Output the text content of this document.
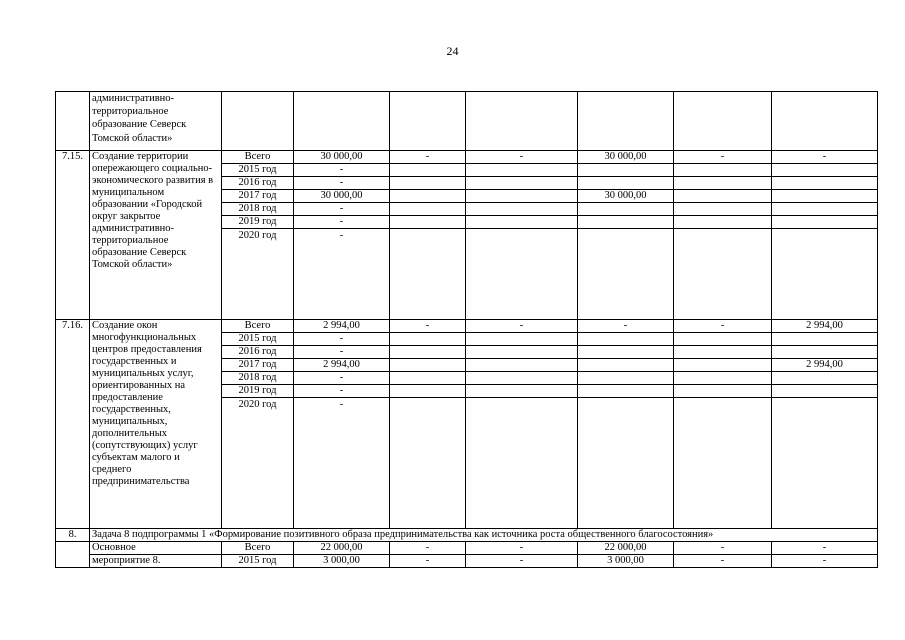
24
	административно-территориальное образование Северск Томской области»							
7.15.	Создание территории опережающего социально-экономического развития в муниципальном образовании «Городской округ закрытое административно-территориальное образование Северск Томской области»	Всего	30 000,00	-	-	30 000,00	-	-
		2015 год	-					
		2016 год	-					
		2017 год	30 000,00			30 000,00		
		2018 год	-					
		2019 год	-					
		2020 год	-					
7.16.	Создание окон многофункциональных центров предоставления государственных и муниципальных услуг, ориентированных на предоставление государственных, муниципальных, дополнительных (сопутствующих) услуг субъектам малого и среднего предпринимательства	Всего	2 994,00	-	-	-	-	2 994,00
		2015 год	-					
		2016 год	-					
		2017 год	2 994,00					2 994,00
		2018 год	-					
		2019 год	-					
		2020 год	-					
8.	Задача 8 подпрограммы 1 «Формирование позитивного образа предпринимательства как источника роста общественного благосостояния»							
	Основное	Всего	22 000,00	-	-	22 000,00	-	-
	мероприятие 8.	2015 год	3 000,00	-	-	3 000,00	-	-
